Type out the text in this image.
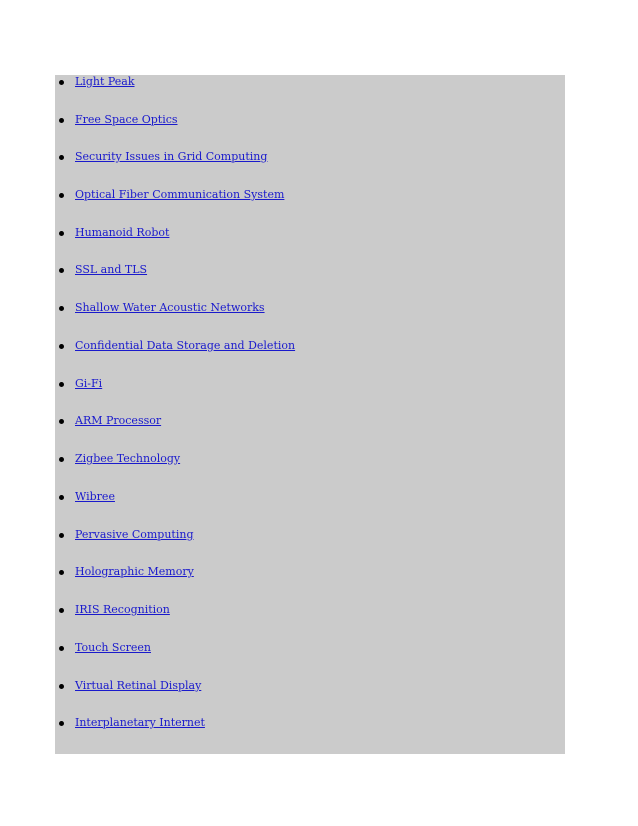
Light Peak
Free Space Optics
Security Issues in Grid Computing
Optical Fiber Communication System
Humanoid Robot
SSL and TLS
Shallow Water Acoustic Networks
Confidential Data Storage and Deletion
Gi-Fi
ARM Processor
Zigbee Technology
Wibree
Pervasive Computing
Holographic Memory
IRIS Recognition
Touch Screen
Virtual Retinal Display
Interplanetary Internet
